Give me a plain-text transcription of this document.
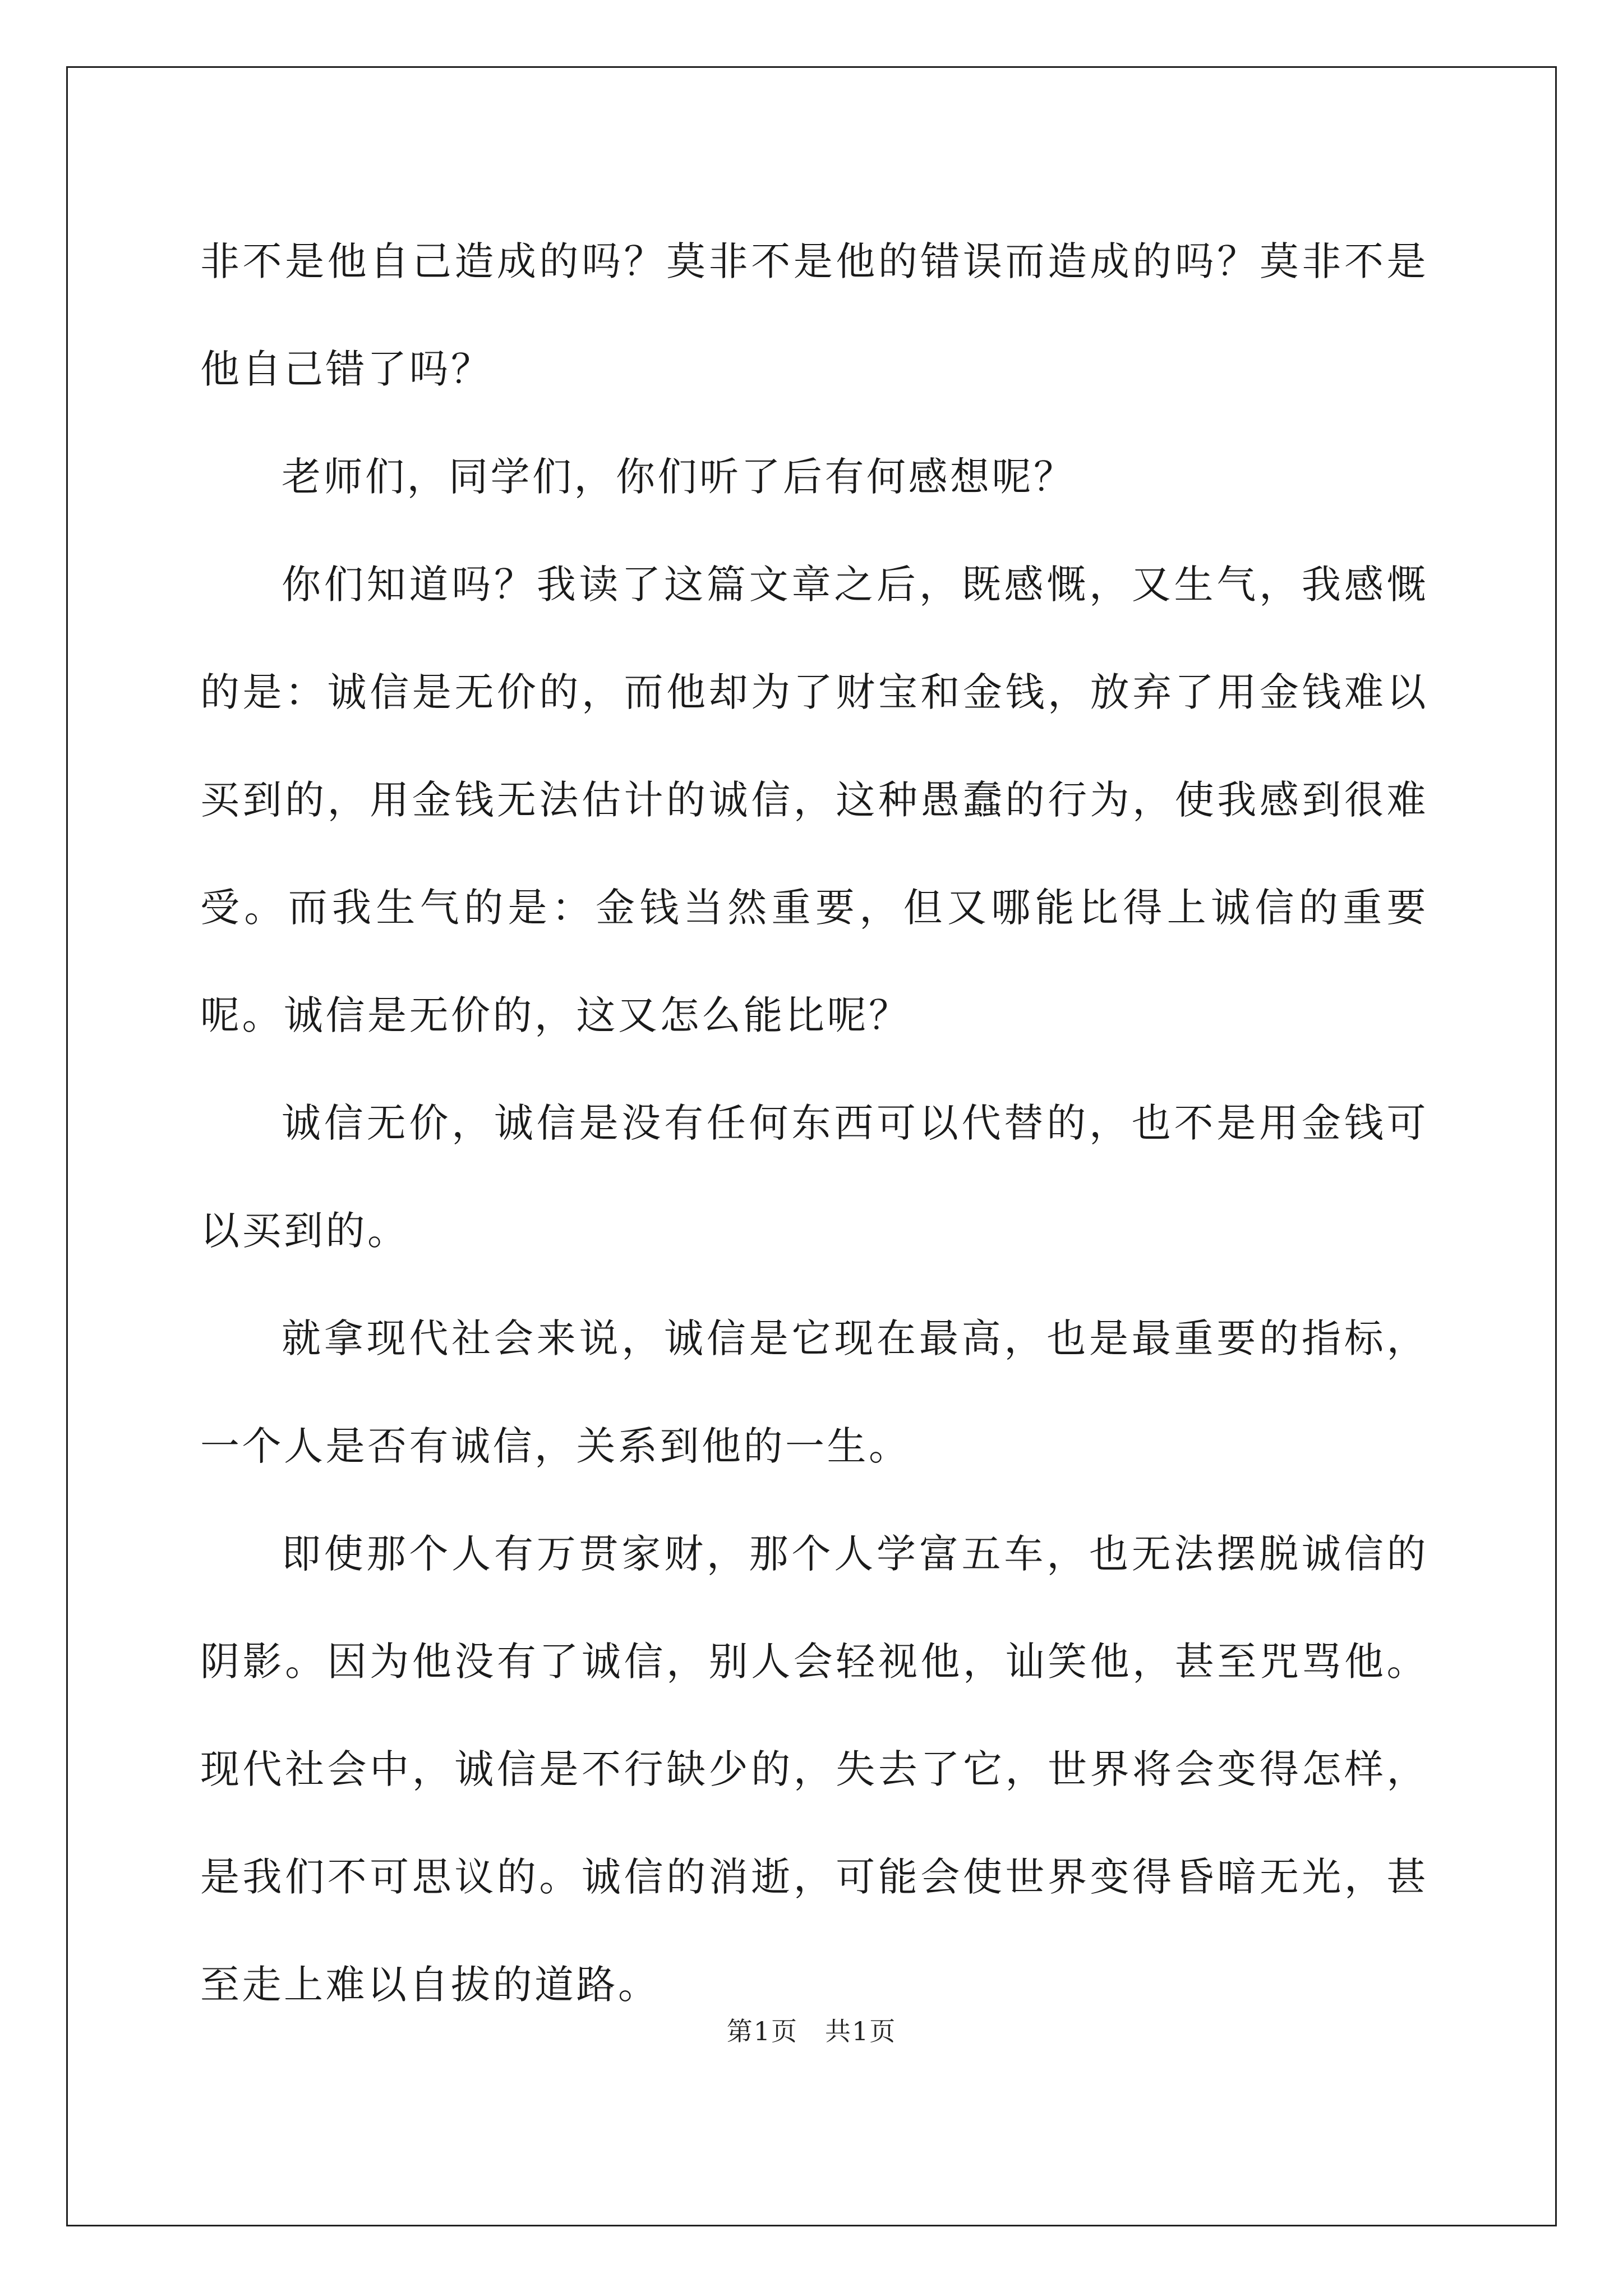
非不是他自己造成的吗？莫非不是他的错误而造成的吗？莫非不是他自己错了吗？

老师们，同学们，你们听了后有何感想呢？

你们知道吗？我读了这篇文章之后，既感慨，又生气，我感慨的是：诚信是无价的，而他却为了财宝和金钱，放弃了用金钱难以买到的，用金钱无法估计的诚信，这种愚蠢的行为，使我感到很难受。而我生气的是：金钱当然重要，但又哪能比得上诚信的重要呢。诚信是无价的，这又怎么能比呢？

诚信无价，诚信是没有任何东西可以代替的，也不是用金钱可以买到的。

就拿现代社会来说，诚信是它现在最高，也是最重要的指标，一个人是否有诚信，关系到他的一生。

即使那个人有万贯家财，那个人学富五车，也无法摆脱诚信的阴影。因为他没有了诚信，别人会轻视他，讪笑他，甚至咒骂他。现代社会中，诚信是不行缺少的，失去了它，世界将会变得怎样，是我们不可思议的。诚信的消逝，可能会使世界变得昏暗无光，甚至走上难以自拔的道路。

第1页　共1页
